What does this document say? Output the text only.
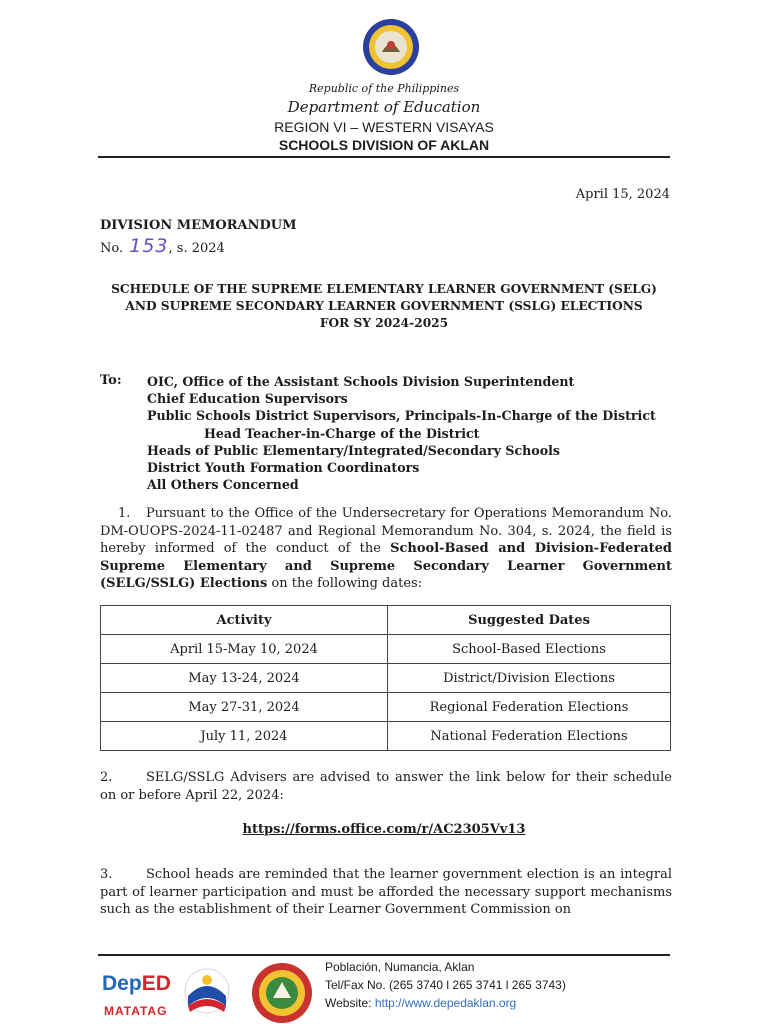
Republic of the Philippines
Department of Education
REGION VI – WESTERN VISAYAS
SCHOOLS DIVISION OF AKLAN
April 15, 2024
DIVISION MEMORANDUM
No. 153, s. 2024
SCHEDULE OF THE SUPREME ELEMENTARY LEARNER GOVERNMENT (SELG)
AND SUPREME SECONDARY LEARNER GOVERNMENT (SSLG) ELECTIONS
FOR SY 2024-2025
To: OIC, Office of the Assistant Schools Division Superintendent
Chief Education Supervisors
Public Schools District Supervisors, Principals-In-Charge of the District
Head Teacher-in-Charge of the District
Heads of Public Elementary/Integrated/Secondary Schools
District Youth Formation Coordinators
All Others Concerned
1. Pursuant to the Office of the Undersecretary for Operations Memorandum No. DM-OUOPS-2024-11-02487 and Regional Memorandum No. 304, s. 2024, the field is hereby informed of the conduct of the School-Based and Division-Federated Supreme Elementary and Supreme Secondary Learner Government (SELG/SSLG) Elections on the following dates:
Activity	Suggested Dates
April 15-May 10, 2024	School-Based Elections
May 13-24, 2024	District/Division Elections
May 27-31, 2024	Regional Federation Elections
July 11, 2024	National Federation Elections
2.	SELG/SSLG Advisers are advised to answer the link below for their schedule on or before April 22, 2024:
https://forms.office.com/r/AC2305Vv13
3.	School heads are reminded that the learner government election is an integral part of learner participation and must be afforded the necessary support mechanisms such as the establishment of their Learner Government Commission on
DepED
MATATAG
Población, Numancia, Aklan
Tel/Fax No. (265 3740 l 265 3741 l 265 3743)
Website: http://www.depedaklan.org
